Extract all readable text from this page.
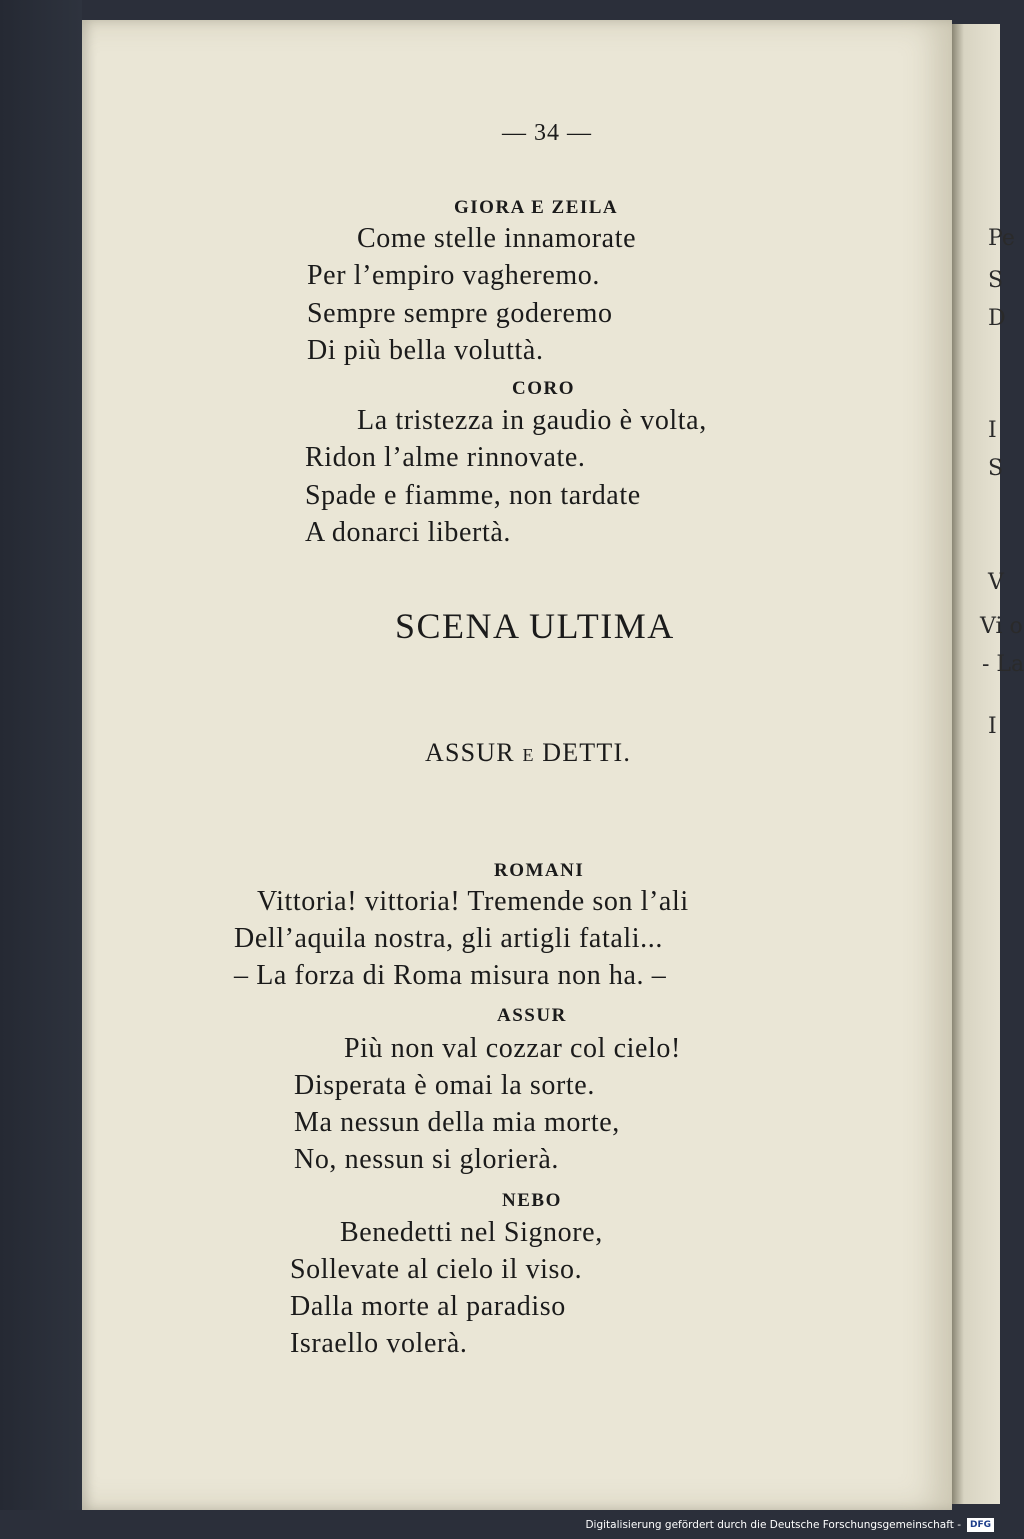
Pe
S
D
I
S
V
Vi o
- La
I
— 34 —
GIORA E ZEILA
Come stelle innamorate
Per l’empiro vagheremo.
Sempre sempre goderemo
Di più bella voluttà.
CORO
La tristezza in gaudio è volta,
Ridon l’alme rinnovate.
Spade e fiamme, non tardate
A donarci libertà.
SCENA ULTIMA
ASSUR E DETTI.
ROMANI
Vittoria! vittoria! Tremende son l’ali
Dell’aquila nostra, gli artigli fatali...
– La forza di Roma misura non ha. –
ASSUR
Più non val cozzar col cielo!
Disperata è omai la sorte.
Ma nessun della mia morte,
No, nessun si glorierà.
NEBO
Benedetti nel Signore,
Sollevate al cielo il viso.
Dalla morte al paradiso
Israello volerà.
Digitalisierung gefördert durch die Deutsche Forschungsgemeinschaft -	DFG
